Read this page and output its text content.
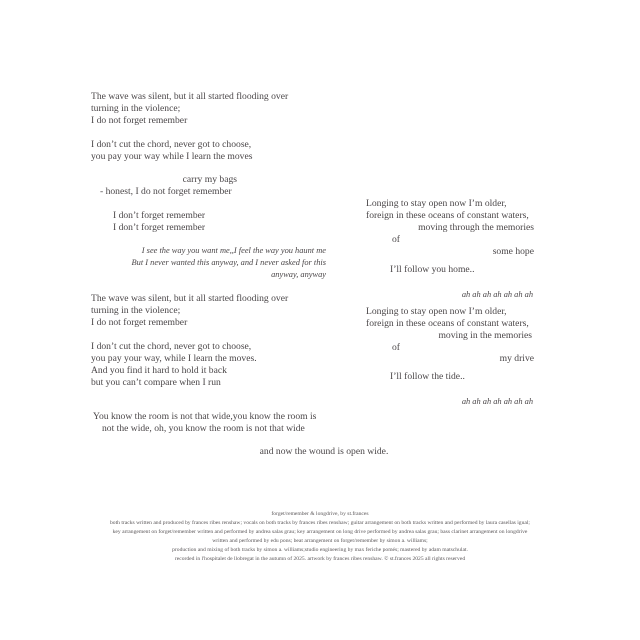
The wave was silent, but it all started flooding over
turning in the violence;
I do not forget remember
I don’t cut the chord, never got to choose,
you pay your way while I learn the moves
carry my bags
- honest, I do not forget remember
I don’t forget remember
I don’t forget remember
I see the way you want me,,I feel the way you haunt me
But I never wanted this anyway, and I never asked for this
anyway, anyway
The wave was silent, but it all started flooding over
turning in the violence;
I do not forget remember
I don’t cut the chord, never got to choose,
you pay your way, while I learn the moves.
And you find it hard to hold it back
but you can’t compare when I run
You know the room is not that wide,you know the room is
not the wide, oh, you know the room is not that wide
Longing to stay open now I’m older,
foreign in these oceans of constant waters,
moving through the memories
of
some hope
I’ll follow you home..
ah ah ah ah ah ah ah
Longing to stay open now I’m older,
foreign in these oceans of constant waters,
moving in the memories
of
my drive
I’ll follow the tide..
ah ah ah ah ah ah ah
and now the wound is open wide.
forget/remember & longdrive, by st.frances
both tracks written and produced by frances ribes renshaw; vocals on both tracks by frances ribes renshaw; guitar arrangement on both tracks written and performed by laura casellas igual;
key arrangement on forget/remember written and performed by andrea salas grau; key arrangement on long drive performed by andrea salas grau; bass clarinet arrangement on longdrive
written and performed by edu pons; beat arrangement on forget/remember by simon a. williams;
production and mixing of both tracks by simon a. williams;studio engineering by max feriche pomés; mastered by adam matschulat.
recorded in l'hospitalet de llobregat in the autumn of 2025. artwork by frances ribes renshaw. © st.frances 2025 all rights reserved
